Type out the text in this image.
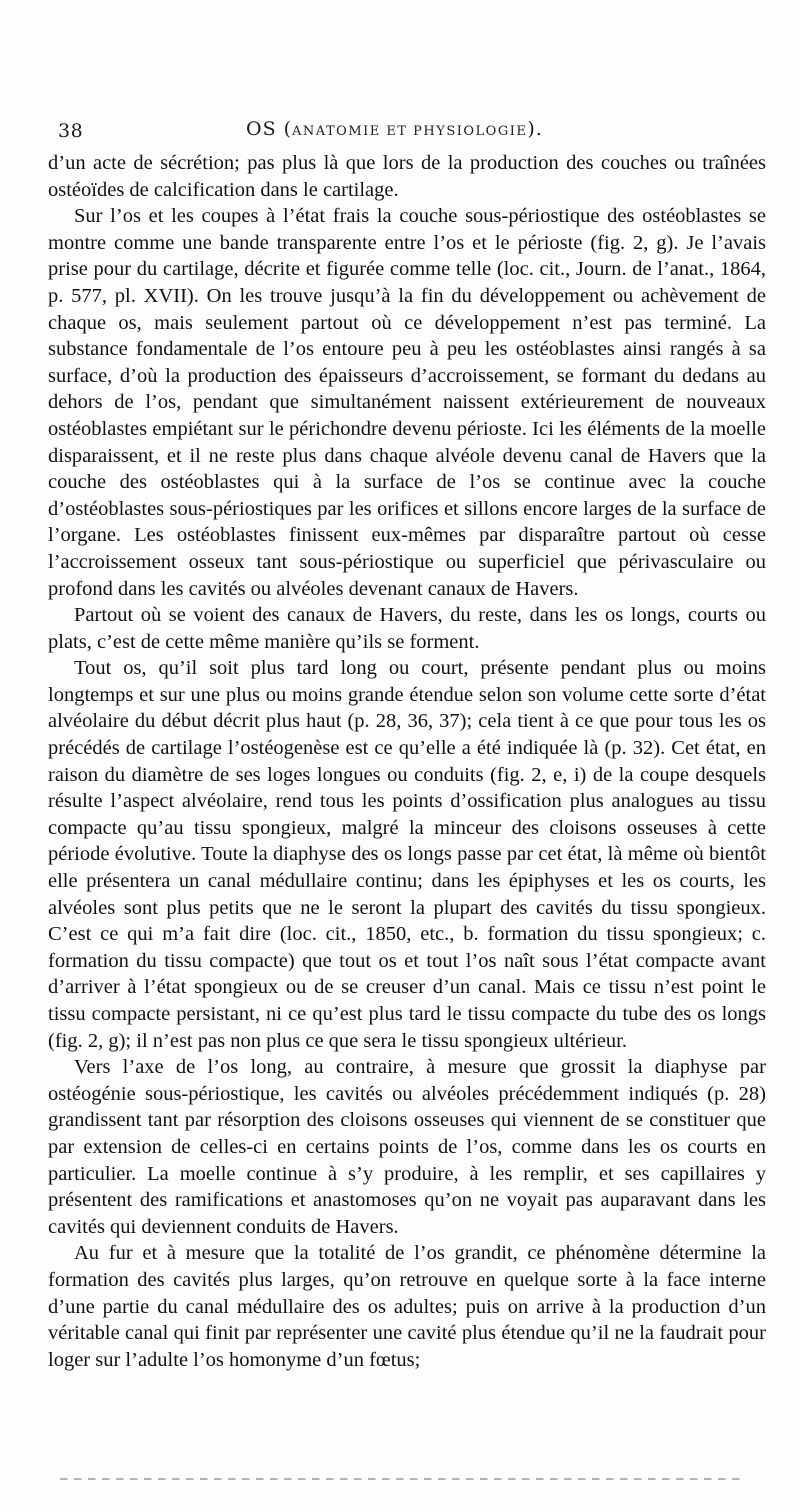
38	OS (ANATOMIE ET PHYSIOLOGIE).

d’un acte de sécrétion; pas plus là que lors de la production des couches ou traînées ostéoïdes de calcification dans le cartilage.

Sur l’os et les coupes à l’état frais la couche sous-périostique des ostéoblastes se montre comme une bande transparente entre l’os et le périoste (fig. 2, g). Je l’avais prise pour du cartilage, décrite et figurée comme telle (loc. cit., Journ. de l’anat., 1864, p. 577, pl. XVII). On les trouve jusqu’à la fin du développement ou achèvement de chaque os, mais seulement partout où ce développement n’est pas terminé. La substance fondamentale de l’os entoure peu à peu les ostéoblastes ainsi rangés à sa surface, d’où la production des épaisseurs d’accroissement, se formant du dedans au dehors de l’os, pendant que simultanément naissent extérieurement de nouveaux ostéoblastes empiétant sur le périchondre devenu périoste. Ici les éléments de la moelle disparaissent, et il ne reste plus dans chaque alvéole devenu canal de Havers que la couche des ostéoblastes qui à la surface de l’os se continue avec la couche d’ostéoblastes sous-périostiques par les orifices et sillons encore larges de la surface de l’organe. Les ostéoblastes finissent eux-mêmes par disparaître partout où cesse l’accroissement osseux tant sous-périostique ou superficiel que périvasculaire ou profond dans les cavités ou alvéoles devenant canaux de Havers.

Partout où se voient des canaux de Havers, du reste, dans les os longs, courts ou plats, c’est de cette même manière qu’ils se forment.

Tout os, qu’il soit plus tard long ou court, présente pendant plus ou moins longtemps et sur une plus ou moins grande étendue selon son volume cette sorte d’état alvéolaire du début décrit plus haut (p. 28, 36, 37); cela tient à ce que pour tous les os précédés de cartilage l’ostéogenèse est ce qu’elle a été indiquée là (p. 32). Cet état, en raison du diamètre de ses loges longues ou conduits (fig. 2, e, i) de la coupe desquels résulte l’aspect alvéolaire, rend tous les points d’ossification plus analogues au tissu compacte qu’au tissu spongieux, malgré la minceur des cloisons osseuses à cette période évolutive. Toute la diaphyse des os longs passe par cet état, là même où bientôt elle présentera un canal médullaire continu; dans les épiphyses et les os courts, les alvéoles sont plus petits que ne le seront la plupart des cavités du tissu spongieux. C’est ce qui m’a fait dire (loc. cit., 1850, etc., b. formation du tissu spongieux; c. formation du tissu compacte) que tout os et tout l’os naît sous l’état compacte avant d’arriver à l’état spongieux ou de se creuser d’un canal. Mais ce tissu n’est point le tissu compacte persistant, ni ce qu’est plus tard le tissu compacte du tube des os longs (fig. 2, g); il n’est pas non plus ce que sera le tissu spongieux ultérieur.

Vers l’axe de l’os long, au contraire, à mesure que grossit la diaphyse par ostéogénie sous-périostique, les cavités ou alvéoles précédemment indiqués (p. 28) grandissent tant par résorption des cloisons osseuses qui viennent de se constituer que par extension de celles-ci en certains points de l’os, comme dans les os courts en particulier. La moelle continue à s’y produire, à les remplir, et ses capillaires y présentent des ramifications et anastomoses qu’on ne voyait pas auparavant dans les cavités qui deviennent conduits de Havers.

Au fur et à mesure que la totalité de l’os grandit, ce phénomène détermine la formation des cavités plus larges, qu’on retrouve en quelque sorte à la face interne d’une partie du canal médullaire des os adultes; puis on arrive à la production d’un véritable canal qui finit par représenter une cavité plus étendue qu’il ne la faudrait pour loger sur l’adulte l’os homonyme d’un fœtus;
